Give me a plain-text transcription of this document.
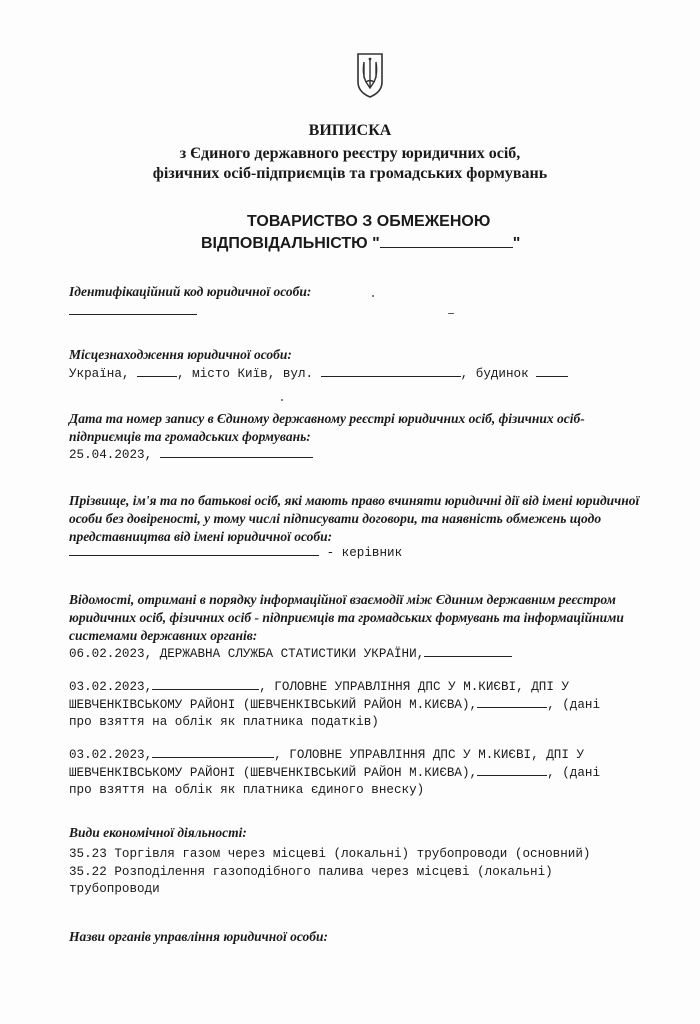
ВИПИСКА
з Єдиного державного реєстру юридичних осіб,
фізичних осіб-підприємців та громадських формувань
ТОВАРИСТВО З ОБМЕЖЕНОЮ
ВІДПОВІДАЛЬНІСТЮ "	"
Ідентифікаційний код юридичної особи:
Місцезнаходження юридичної особи:
Україна,	, місто Київ, вул.	, будинок
Дата та номер запису в Єдиному державному реєстрі юридичних осіб, фізичних осіб-
підприємців та громадських формувань:
25.04.2023,
Прізвище, ім'я та по батькові осіб, які мають право вчиняти юридичні дії від імені юридичної
особи без довіреності, у тому числі підписувати договори, та наявність обмежень щодо
представництва від імені юридичної особи:
- керівник
Відомості, отримані в порядку інформаційної взаємодії між Єдиним державним реєстром
юридичних осіб, фізичних осіб - підприємців та громадських формувань та інформаційними
системами державних органів:
06.02.2023, ДЕРЖАВНА СЛУЖБА СТАТИСТИКИ УКРАЇНИ,
03.02.2023,	, ГОЛОВНЕ УПРАВЛІННЯ ДПС У М.КИЄВІ, ДПІ У
ШЕВЧЕНКІВСЬКОМУ РАЙОНІ (ШЕВЧЕНКІВСЬКИЙ РАЙОН М.КИЄВА),	, (дані
про взяття на облік як платника податків)
03.02.2023,	, ГОЛОВНЕ УПРАВЛІННЯ ДПС У М.КИЄВІ, ДПІ У
ШЕВЧЕНКІВСЬКОМУ РАЙОНІ (ШЕВЧЕНКІВСЬКИЙ РАЙОН М.КИЄВА),	, (дані
про взяття на облік як платника єдиного внеску)
Види економічної діяльності:
35.23 Торгівля газом через місцеві (локальні) трубопроводи (основний)
35.22 Розподілення газоподібного палива через місцеві (локальні)
трубопроводи
Назви органів управління юридичної особи:
